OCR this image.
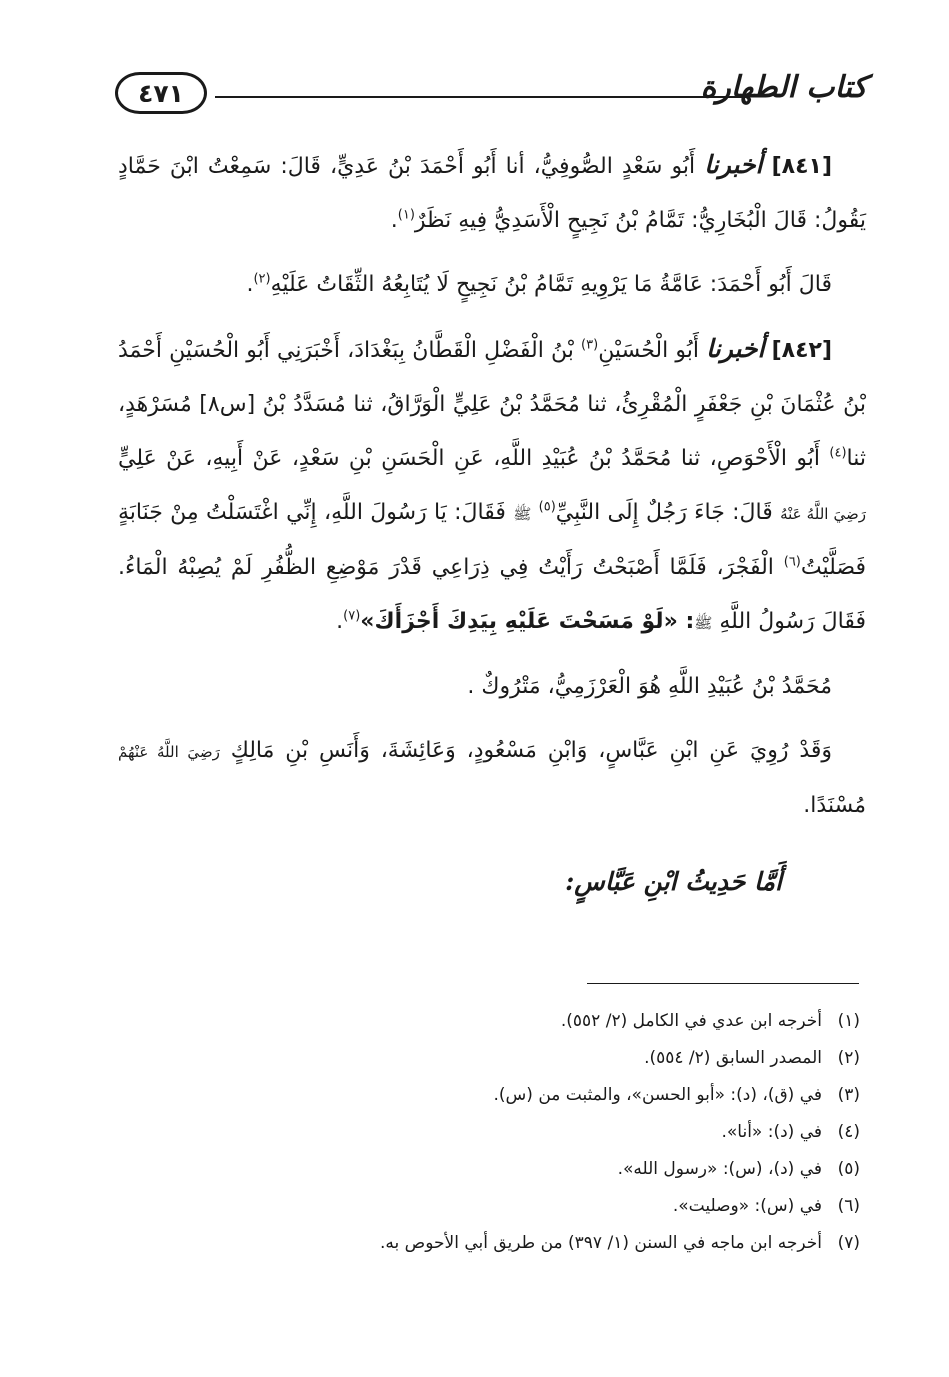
كتاب الطهارة
٤٧١

[٨٤١] أخبرنا أَبُو سَعْدٍ الصُّوفِيُّ، أنا أَبُو أَحْمَدَ بْنُ عَدِيٍّ، قَالَ: سَمِعْتُ ابْنَ حَمَّادٍ يَقُولُ: قَالَ الْبُخَارِيُّ: تَمَّامُ بْنُ نَجِيحٍ الْأَسَدِيُّ فِيهِ نَظَرٌ$^{(١)}$.

قَالَ أَبُو أَحْمَدَ: عَامَّةُ مَا يَرْوِيهِ تَمَّامُ بْنُ نَجِيحٍ لَا يُتَابِعُهُ الثِّقَاتُ عَلَيْهِ$^{(٢)}$.

[٨٤٢] أخبرنا أَبُو الْحُسَيْنِ$^{(٣)}$ بْنُ الْفَضْلِ الْقَطَّانُ بِبَغْدَادَ، أَخْبَرَنِي أَبُو الْحُسَيْنِ أَحْمَدُ بْنُ عُثْمَانَ بْنِ جَعْفَرٍ الْمُقْرِئُ، ثنا مُحَمَّدُ بْنُ عَلِيٍّ الْوَرَّاقُ، ثنا مُسَدَّدُ بْنُ [س٨] مُسَرْهَدٍ، ثنا$^{(٤)}$ أَبُو الْأَحْوَصِ، ثنا مُحَمَّدُ بْنُ عُبَيْدِ اللَّهِ، عَنِ الْحَسَنِ بْنِ سَعْدٍ، عَنْ أَبِيهِ، عَنْ عَلِيٍّ رَضِيَ اللَّهُ عَنْهُ قَالَ: جَاءَ رَجُلٌ إِلَى النَّبِيِّ$^{(٥)}$ ﷺ فَقَالَ: يَا رَسُولَ اللَّهِ، إِنِّي اغْتَسَلْتُ مِنْ جَنَابَةٍ فَصَلَّيْتُ$^{(٦)}$ الْفَجْرَ، فَلَمَّا أَصْبَحْتُ رَأَيْتُ فِي ذِرَاعِي قَدْرَ مَوْضِعِ الظُّفُرِ لَمْ يُصِبْهُ الْمَاءُ. فَقَالَ رَسُولُ اللَّهِ ﷺ: «لَوْ مَسَحْتَ عَلَيْهِ بِيَدِكَ أَجْزَأَكَ»$^{(٧)}$.

مُحَمَّدُ بْنُ عُبَيْدِ اللَّهِ هُوَ الْعَرْزَمِيُّ، مَتْرُوكٌ .

وَقَدْ رُوِيَ عَنِ ابْنِ عَبَّاسٍ، وَابْنِ مَسْعُودٍ، وَعَائِشَةَ، وَأَنَسِ بْنِ مَالِكٍ رَضِيَ اللَّهُ عَنْهُمْ مُسْنَدًا.

أَمَّا حَدِيثُ ابْنِ عَبَّاسٍ:

(١)أخرجه ابن عدي في الكامل (٢/ ٥٥٢).

(٢)المصدر السابق (٢/ ٥٥٤).

(٣)في (ق)، (د): «أبو الحسن»، والمثبت من (س).

(٤)في (د): «أنا».

(٥)في (د)، (س): «رسول الله».

(٦)في (س): «وصليت».

(٧)أخرجه ابن ماجه في السنن (١/ ٣٩٧) من طريق أبي الأحوص به.
